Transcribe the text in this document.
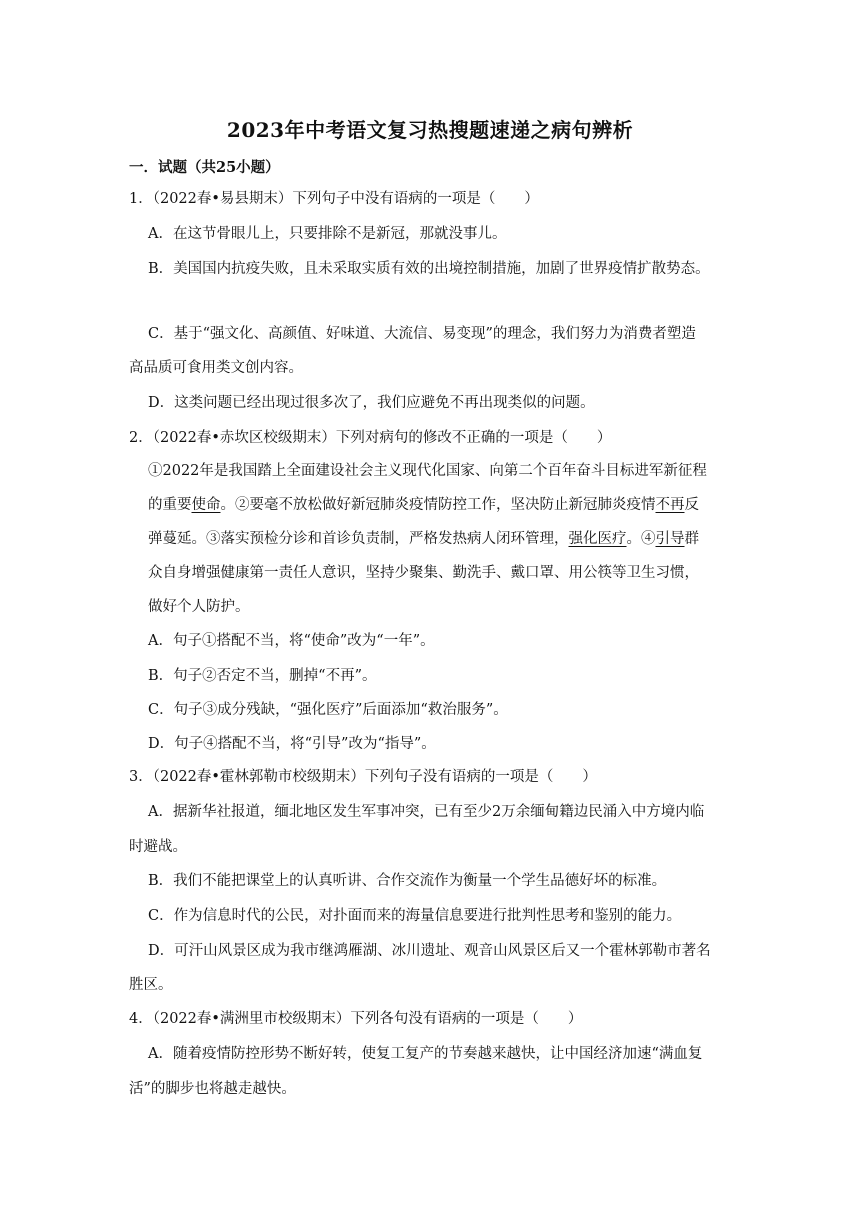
2023年中考语文复习热搜题速递之病句辨析
一．试题（共25小题）
1．（2022春•易县期末）下列句子中没有语病的一项是（　　）
A．在这节骨眼儿上，只要排除不是新冠，那就没事儿。
B．美国国内抗疫失败，且未采取实质有效的出境控制措施，加剧了世界疫情扩散势态。
C．基于“强文化、高颜值、好味道、大流信、易变现”的理念，我们努力为消费者塑造
高品质可食用类文创内容。
D．这类问题已经出现过很多次了，我们应避免不再出现类似的问题。
2．（2022春•赤坎区校级期末）下列对病句的修改不正确的一项是（　　）
①2022年是我国踏上全面建设社会主义现代化国家、向第二个百年奋斗目标进军新征程
的重要使命。②要毫不放松做好新冠肺炎疫情防控工作，坚决防止新冠肺炎疫情不再反
弹蔓延。③落实预检分诊和首诊负责制，严格发热病人闭环管理，强化医疗。④引导群
众自身增强健康第一责任人意识，坚持少聚集、勤洗手、戴口罩、用公筷等卫生习惯，
做好个人防护。
A．句子①搭配不当，将“使命”改为“一年”。
B．句子②否定不当，删掉“不再”。
C．句子③成分残缺，“强化医疗”后面添加“救治服务”。
D．句子④搭配不当，将“引导”改为“指导”。
3．（2022春•霍林郭勒市校级期末）下列句子没有语病的一项是（　　）
A．据新华社报道，缅北地区发生军事冲突，已有至少2万余缅甸籍边民涌入中方境内临
时避战。
B．我们不能把课堂上的认真听讲、合作交流作为衡量一个学生品德好坏的标准。
C．作为信息时代的公民，对扑面而来的海量信息要进行批判性思考和鉴别的能力。
D．可汗山风景区成为我市继鸿雁湖、冰川遗址、观音山风景区后又一个霍林郭勒市著名
胜区。
4．（2022春•满洲里市校级期末）下列各句没有语病的一项是（　　）
A．随着疫情防控形势不断好转，使复工复产的节奏越来越快，让中国经济加速“满血复
活”的脚步也将越走越快。
